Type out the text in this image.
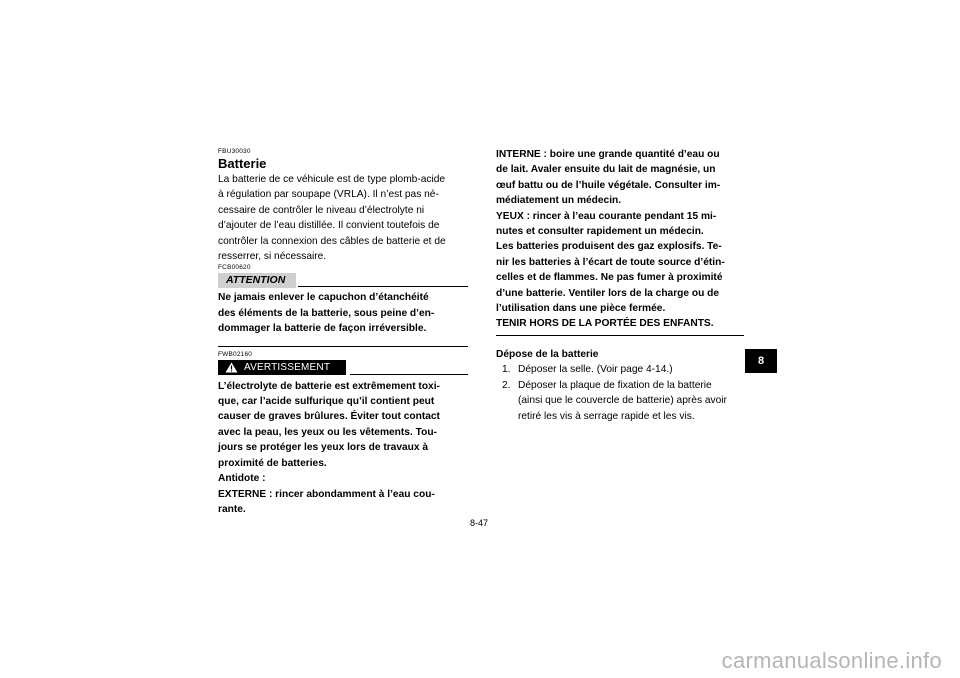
FBU30030
Batterie
La batterie de ce véhicule est de type plomb-acide
à régulation par soupape (VRLA). Il n’est pas né-
cessaire de contrôler le niveau d’électrolyte ni
d’ajouter de l’eau distillée. Il convient toutefois de
contrôler la connexion des câbles de batterie et de
resserrer, si nécessaire.
FCB00620
ATTENTION
Ne jamais enlever le capuchon d’étanchéité
des éléments de la batterie, sous peine d’en-
dommager la batterie de façon irréversible.
FWB02160
AVERTISSEMENT
L’électrolyte de batterie est extrêmement toxi-
que, car l’acide sulfurique qu’il contient peut
causer de graves brûlures. Éviter tout contact
avec la peau, les yeux ou les vêtements. Tou-
jours se protéger les yeux lors de travaux à
proximité de batteries.
Antidote :
EXTERNE : rincer abondamment à l’eau cou-
rante.
INTERNE : boire une grande quantité d’eau ou
de lait. Avaler ensuite du lait de magnésie, un
œuf battu ou de l’huile végétale. Consulter im-
médiatement un médecin.
YEUX : rincer à l’eau courante pendant 15 mi-
nutes et consulter rapidement un médecin.
Les batteries produisent des gaz explosifs. Te-
nir les batteries à l’écart de toute source d’étin-
celles et de flammes. Ne pas fumer à proximité
d’une batterie. Ventiler lors de la charge ou de
l’utilisation dans une pièce fermée.
TENIR HORS DE LA PORTÉE DES ENFANTS.
Dépose de la batterie
1. Déposer la selle. (Voir page 4-14.)
2. Déposer la plaque de fixation de la batterie
(ainsi que le couvercle de batterie) après avoir
retiré les vis à serrage rapide et les vis.
8
8-47
carmanualsonline.info
